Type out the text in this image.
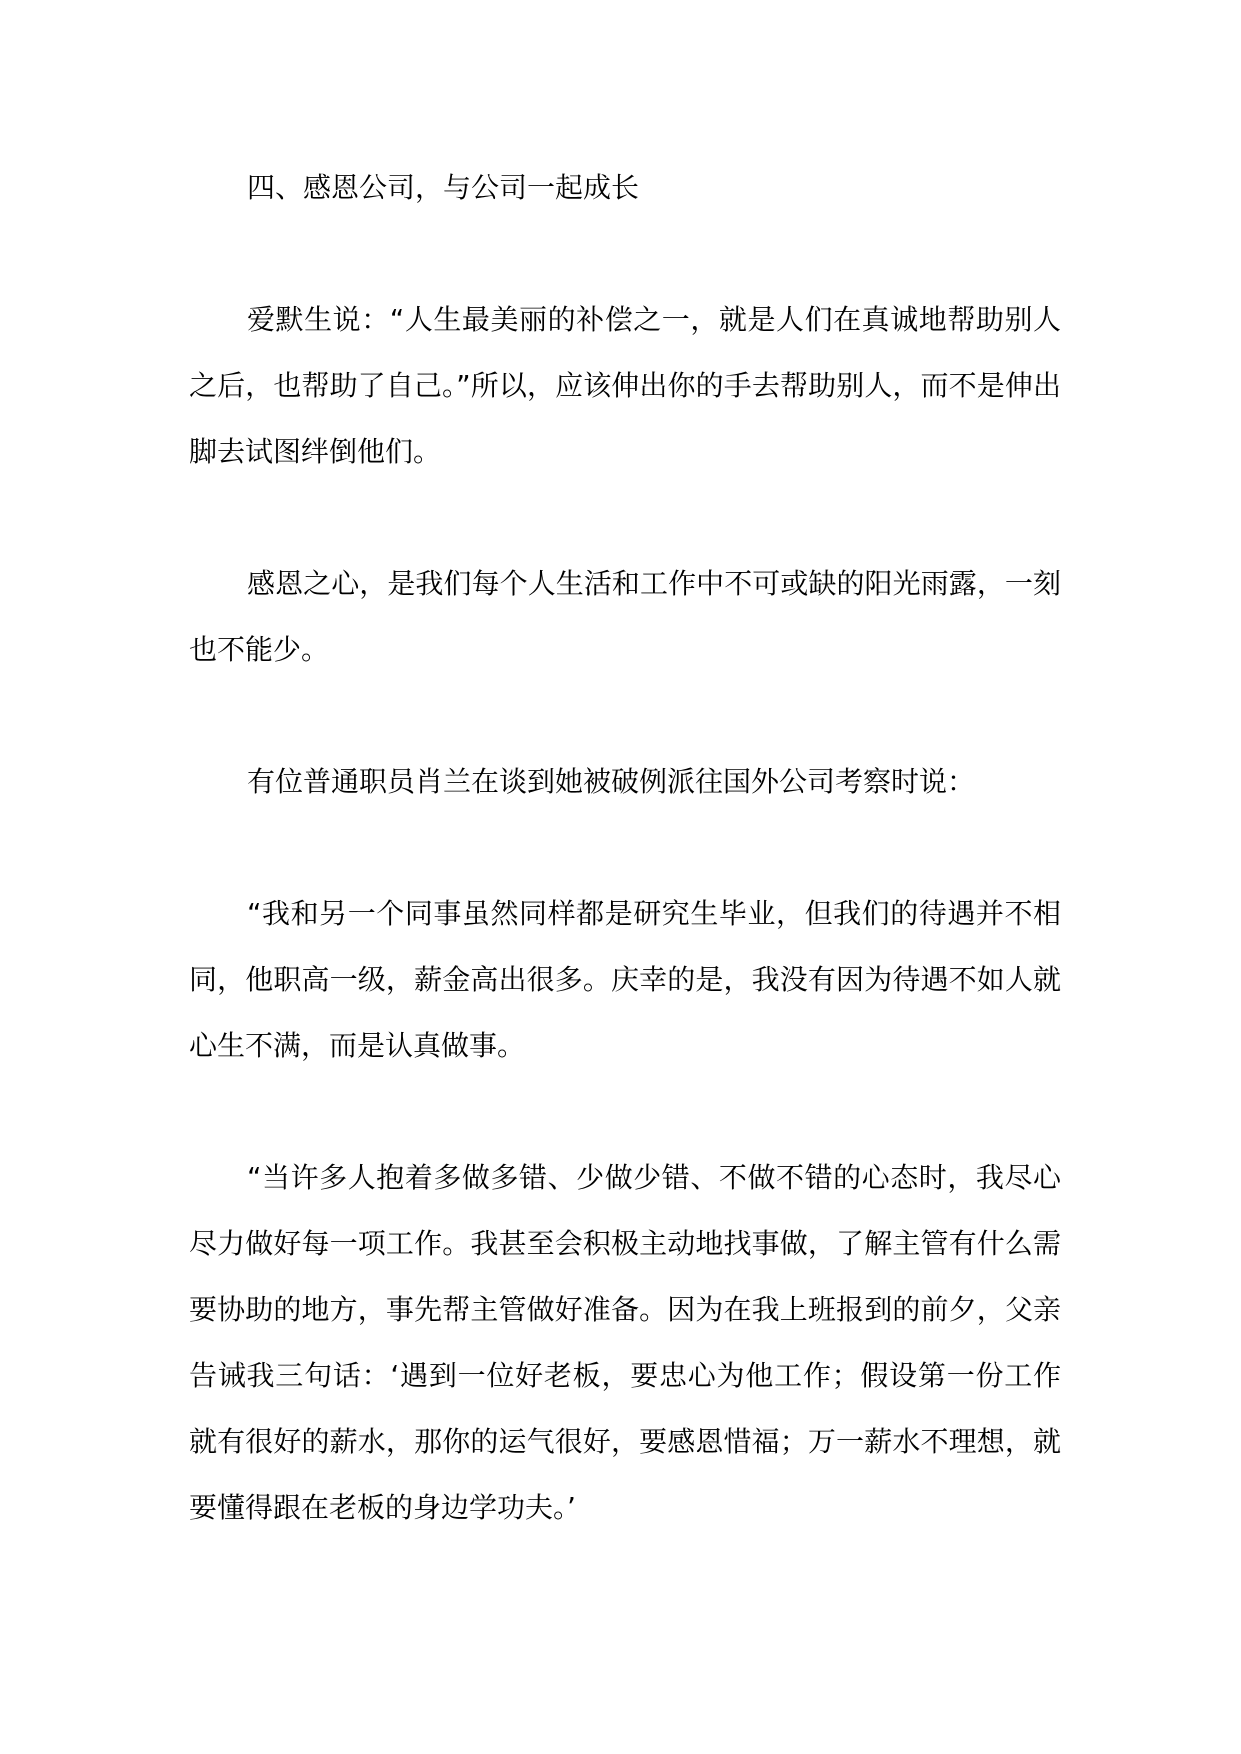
四、感恩公司，与公司一起成长

爱默生说：“人生最美丽的补偿之一，就是人们在真诚地帮助别人之后，也帮助了自己。”所以，应该伸出你的手去帮助别人，而不是伸出脚去试图绊倒他们。

感恩之心，是我们每个人生活和工作中不可或缺的阳光雨露，一刻也不能少。

有位普通职员肖兰在谈到她被破例派往国外公司考察时说：

“我和另一个同事虽然同样都是研究生毕业，但我们的待遇并不相同，他职高一级，薪金高出很多。庆幸的是，我没有因为待遇不如人就心生不满，而是认真做事。

“当许多人抱着多做多错、少做少错、不做不错的心态时，我尽心尽力做好每一项工作。我甚至会积极主动地找事做，了解主管有什么需要协助的地方，事先帮主管做好准备。因为在我上班报到的前夕，父亲告诫我三句话：‘遇到一位好老板，要忠心为他工作；假设第一份工作就有很好的薪水，那你的运气很好，要感恩惜福；万一薪水不理想，就要懂得跟在老板的身边学功夫。’
